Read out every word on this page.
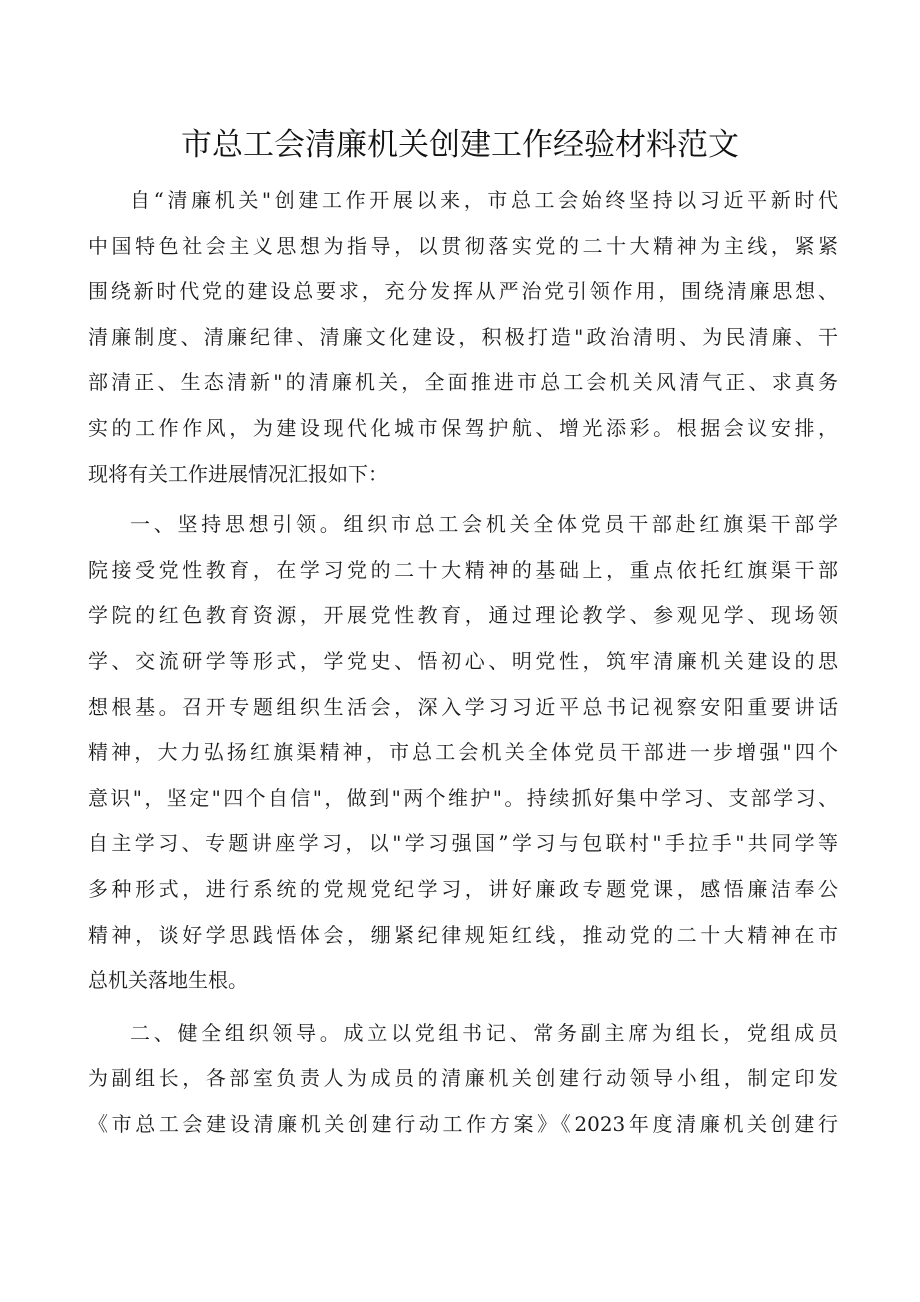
市总工会清廉机关创建工作经验材料范文
自“清廉机关"创建工作开展以来，市总工会始终坚持以习近平新时代
中国特色社会主义思想为指导，以贯彻落实党的二十大精神为主线，紧紧
围绕新时代党的建设总要求，充分发挥从严治党引领作用，围绕清廉思想、
清廉制度、清廉纪律、清廉文化建设，积极打造"政治清明、为民清廉、干
部清正、生态清新"的清廉机关，全面推进市总工会机关风清气正、求真务
实的工作作风，为建设现代化城市保驾护航、增光添彩。根据会议安排，
现将有关工作进展情况汇报如下：
一、坚持思想引领。组织市总工会机关全体党员干部赴红旗渠干部学
院接受党性教育，在学习党的二十大精神的基础上，重点依托红旗渠干部
学院的红色教育资源，开展党性教育，通过理论教学、参观见学、现场领
学、交流研学等形式，学党史、悟初心、明党性，筑牢清廉机关建设的思
想根基。召开专题组织生活会，深入学习习近平总书记视察安阳重要讲话
精神，大力弘扬红旗渠精神，市总工会机关全体党员干部进一步增强"四个
意识"，坚定"四个自信"，做到"两个维护"。持续抓好集中学习、支部学习、
自主学习、专题讲座学习，以"学习强国”学习与包联村"手拉手"共同学等
多种形式，进行系统的党规党纪学习，讲好廉政专题党课，感悟廉洁奉公
精神，谈好学思践悟体会，绷紧纪律规矩红线，推动党的二十大精神在市
总机关落地生根。
二、健全组织领导。成立以党组书记、常务副主席为组长，党组成员
为副组长，各部室负责人为成员的清廉机关创建行动领导小组，制定印发
《市总工会建设清廉机关创建行动工作方案》《2023年度清廉机关创建行
